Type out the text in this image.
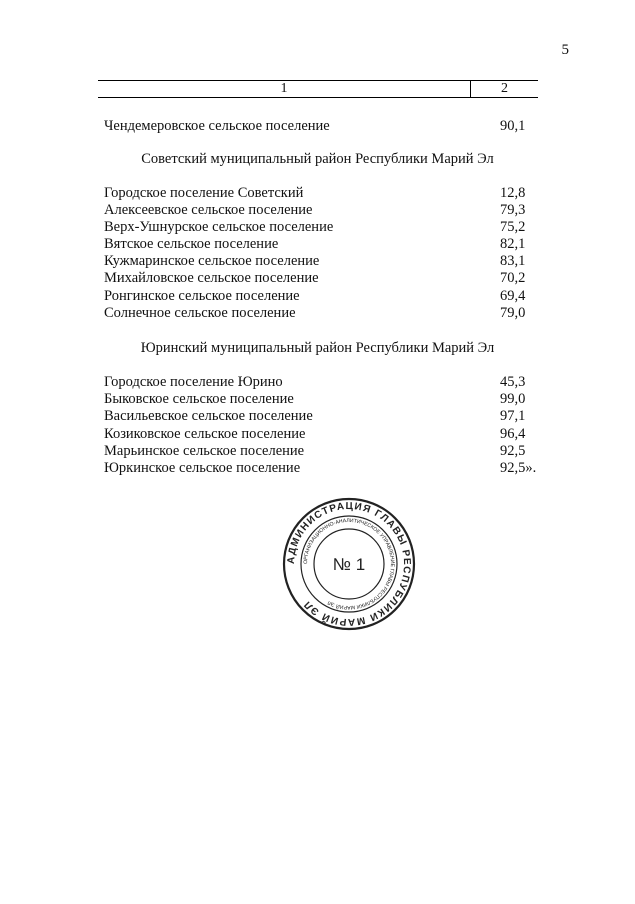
5
1	2
Чендемеровское сельское поселение	90,1
Советский муниципальный район Республики Марий Эл
Городское поселение Советский	12,8
Алексеевское сельское поселение	79,3
Верх-Ушнурское сельское поселение	75,2
Вятское сельское поселение	82,1
Кужмаринское сельское поселение	83,1
Михайловское сельское поселение	70,2
Ронгинское сельское поселение	69,4
Солнечное сельское поселение	79,0
Юринский муниципальный район Республики Марий Эл
Городское поселение Юрино	45,3
Быковское сельское поселение	99,0
Васильевское сельское поселение	97,1
Козиковское сельское поселение	96,4
Марьинское сельское поселение	92,5
Юркинское сельское поселение	92,5».
АДМИНИСТРАЦИЯ ГЛАВЫ РЕСПУБЛИКИ МАРИЙ ЭЛ
ОРГАНИЗАЦИОННО-АНАЛИТИЧЕСКОЕ УПРАВЛЕНИЕ ГЛАВЫ РЕСПУБЛИКИ МАРИЙ ЭЛ
№ 1
